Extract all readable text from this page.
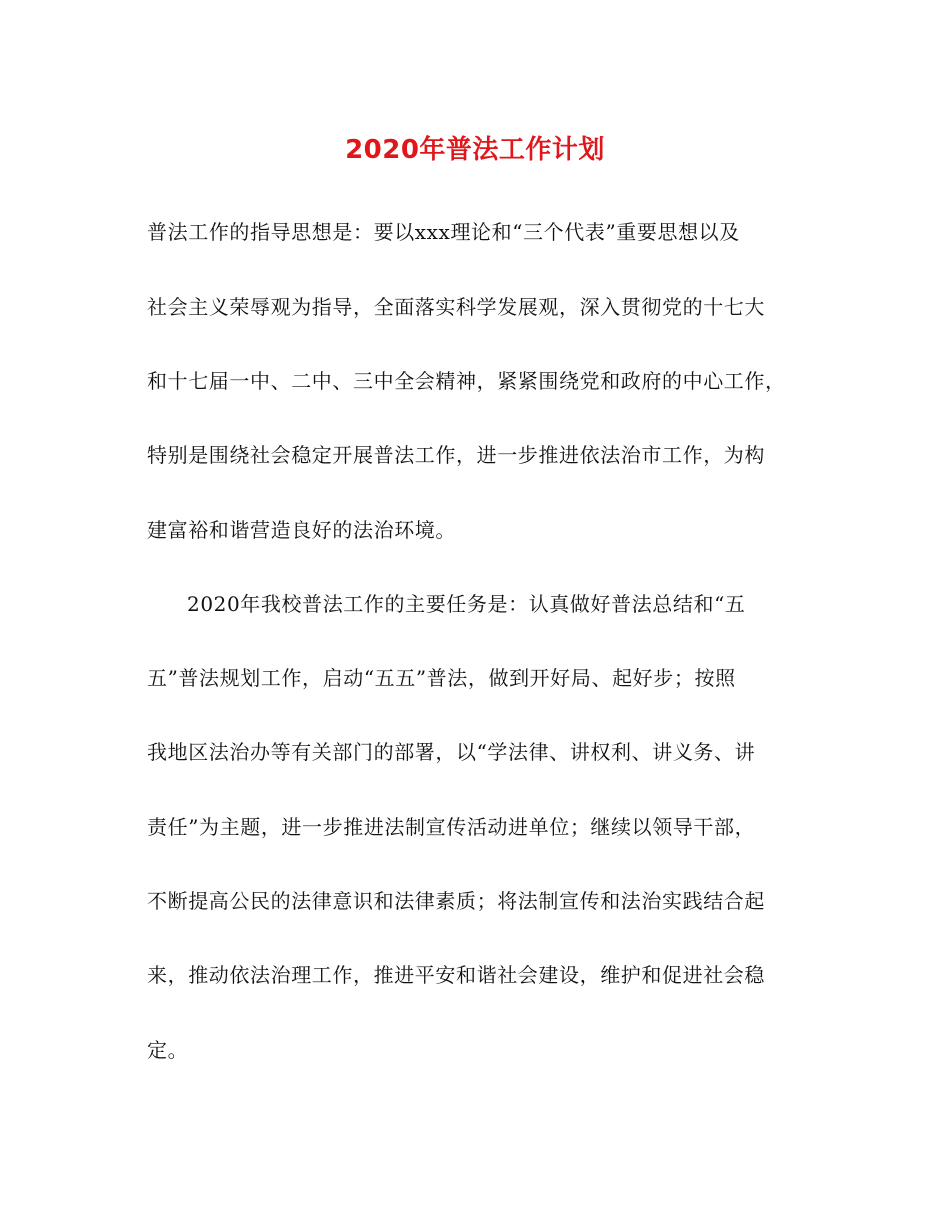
2020年普法工作计划
普法工作的指导思想是：要以xxx理论和“三个代表”重要思想以及
社会主义荣辱观为指导，全面落实科学发展观，深入贯彻党的十七大
和十七届一中、二中、三中全会精神，紧紧围绕党和政府的中心工作，
特别是围绕社会稳定开展普法工作，进一步推进依法治市工作，为构
建富裕和谐营造良好的法治环境。
2020年我校普法工作的主要任务是：认真做好普法总结和“五
五”普法规划工作，启动“五五”普法，做到开好局、起好步；按照
我地区法治办等有关部门的部署，以“学法律、讲权利、讲义务、讲
责任”为主题，进一步推进法制宣传活动进单位；继续以领导干部，
不断提高公民的法律意识和法律素质；将法制宣传和法治实践结合起
来，推动依法治理工作，推进平安和谐社会建设，维护和促进社会稳
定。
